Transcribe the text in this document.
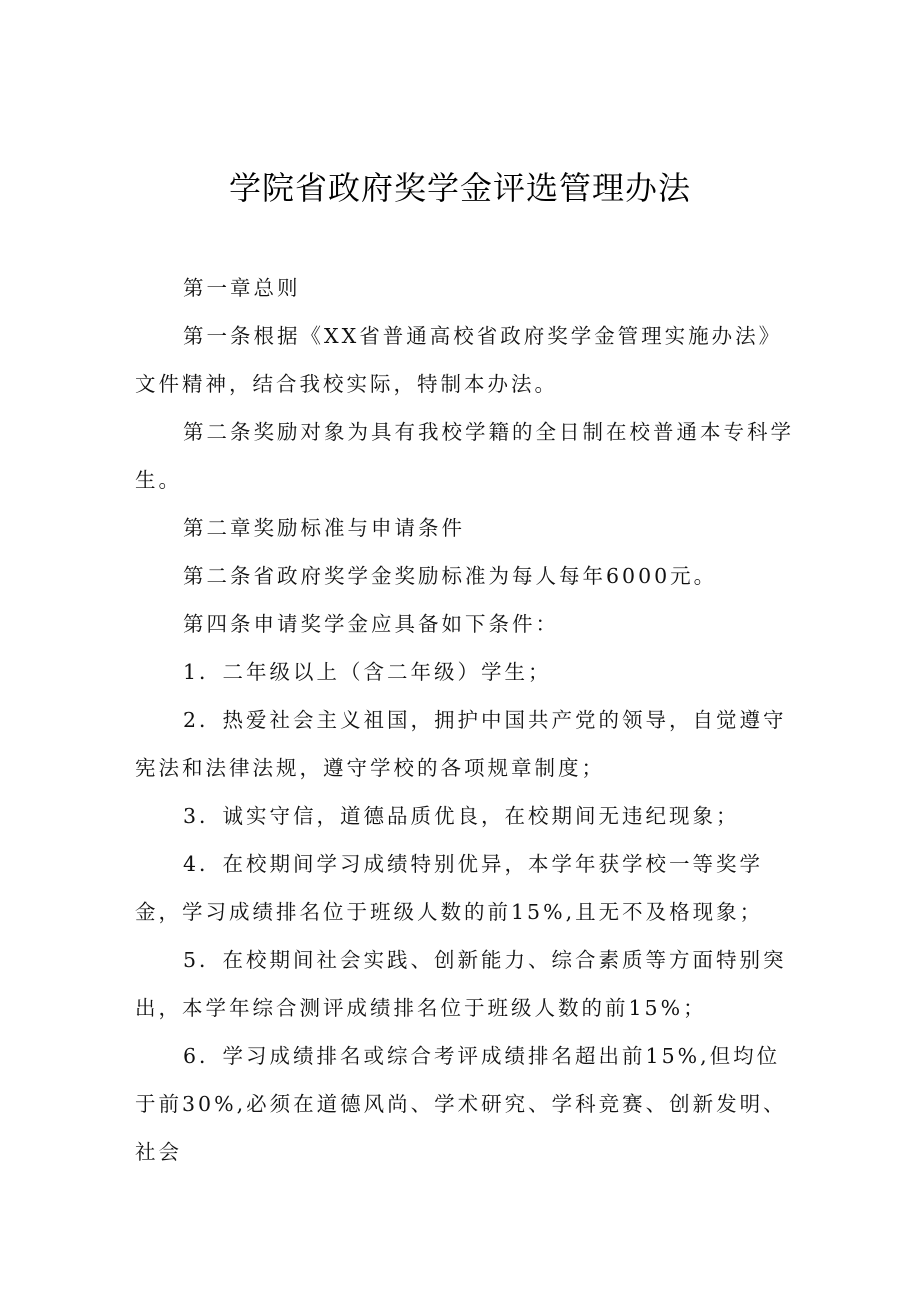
学院省政府奖学金评选管理办法

第一章总则

第一条根据《XX省普通高校省政府奖学金管理实施办法》文件精神，结合我校实际，特制本办法。

第二条奖励对象为具有我校学籍的全日制在校普通本专科学生。

第二章奖励标准与申请条件

第二条省政府奖学金奖励标准为每人每年6000元。

第四条申请奖学金应具备如下条件：

1．二年级以上（含二年级）学生；

2．热爱社会主义祖国，拥护中国共产党的领导，自觉遵守宪法和法律法规，遵守学校的各项规章制度；

3．诚实守信，道德品质优良，在校期间无违纪现象；

4．在校期间学习成绩特别优异，本学年获学校一等奖学金，学习成绩排名位于班级人数的前15%,且无不及格现象；

5．在校期间社会实践、创新能力、综合素质等方面特别突出，本学年综合测评成绩排名位于班级人数的前15%；

6．学习成绩排名或综合考评成绩排名超出前15%,但均位于前30%,必须在道德风尚、学术研究、学科竞赛、创新发明、社会
